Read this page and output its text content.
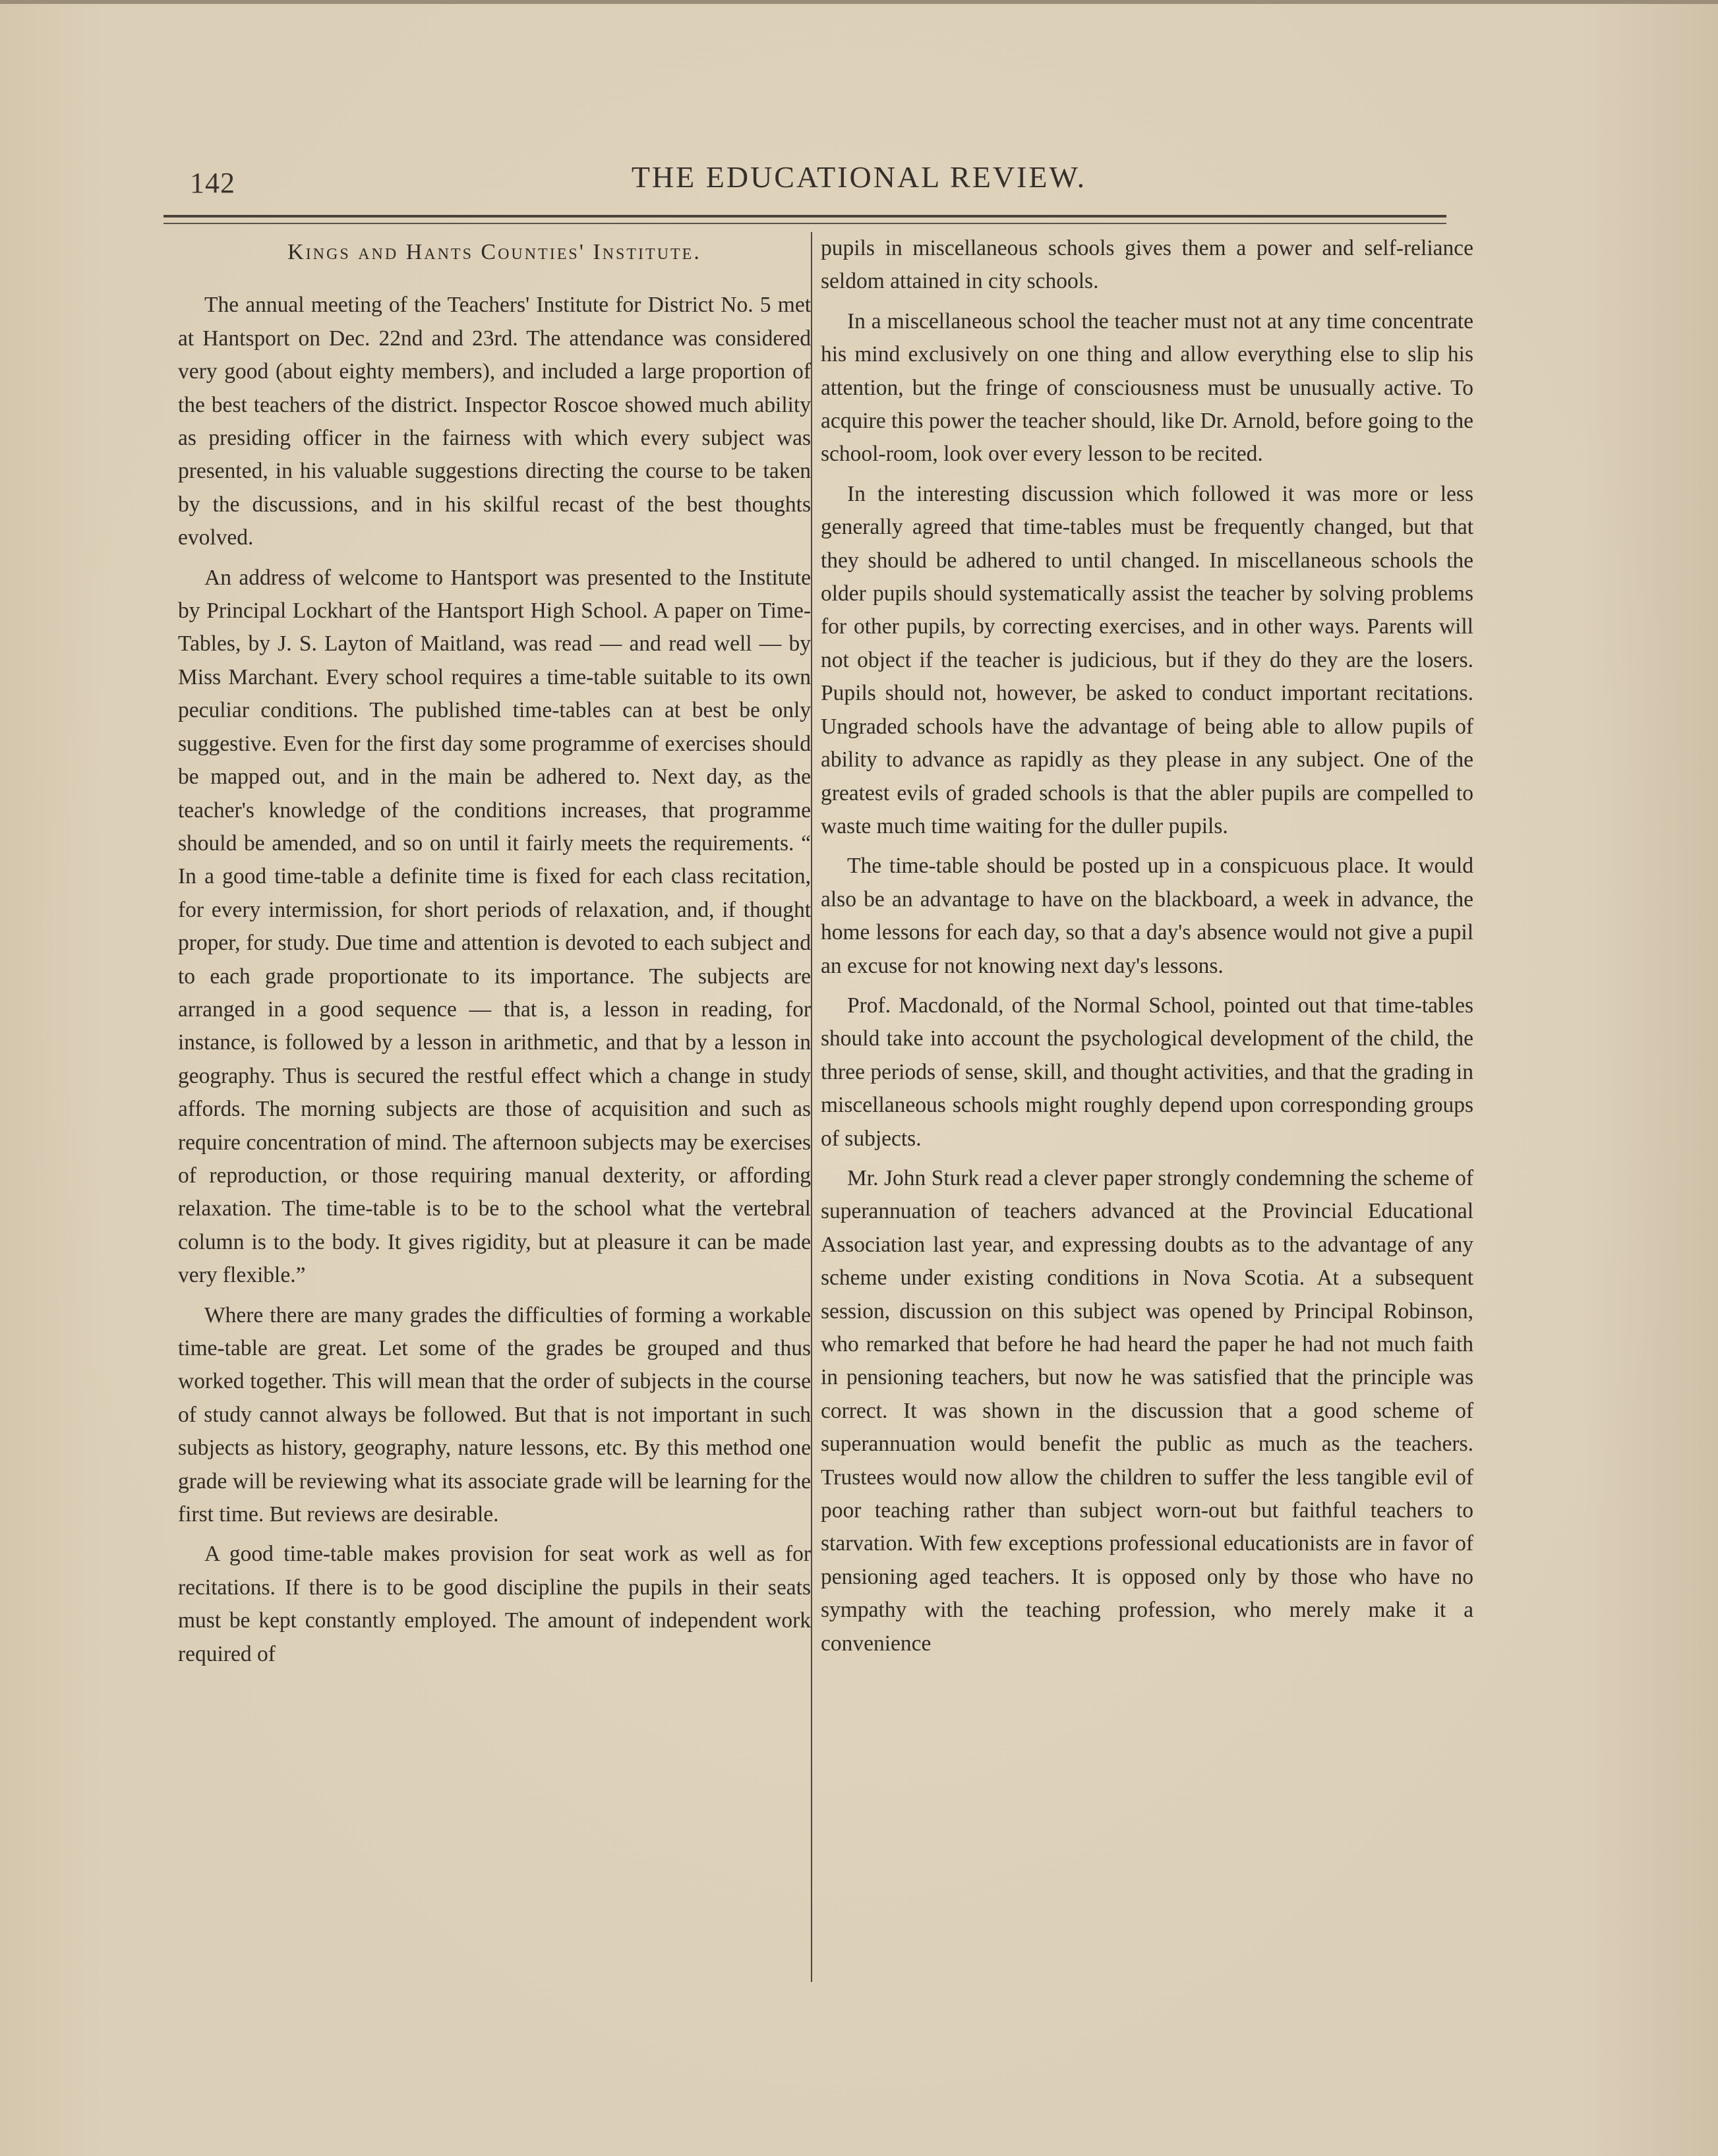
142	THE EDUCATIONAL REVIEW.
Kings and Hants Counties' Institute.

The annual meeting of the Teachers' Institute for District No. 5 met at Hantsport on Dec. 22nd and 23rd. The attendance was considered very good (about eighty members), and included a large proportion of the best teachers of the district. Inspector Roscoe showed much ability as presiding officer in the fairness with which every subject was presented, in his valuable suggestions directing the course to be taken by the discussions, and in his skilful recast of the best thoughts evolved.

An address of welcome to Hantsport was presented to the Institute by Principal Lockhart of the Hantsport High School. A paper on Time-Tables, by J. S. Layton of Maitland, was read — and read well — by Miss Marchant. Every school requires a time-table suitable to its own peculiar conditions. The published time-tables can at best be only suggestive. Even for the first day some programme of exercises should be mapped out, and in the main be adhered to. Next day, as the teacher's knowledge of the conditions increases, that programme should be amended, and so on until it fairly meets the requirements. “ In a good time-table a definite time is fixed for each class recitation, for every intermission, for short periods of relaxation, and, if thought proper, for study. Due time and attention is devoted to each subject and to each grade proportionate to its importance. The subjects are arranged in a good sequence — that is, a lesson in reading, for instance, is followed by a lesson in arithmetic, and that by a lesson in geography. Thus is secured the restful effect which a change in study affords. The morning subjects are those of acquisition and such as require concentration of mind. The afternoon subjects may be exercises of reproduction, or those requiring manual dexterity, or affording relaxation. The time-table is to be to the school what the vertebral column is to the body. It gives rigidity, but at pleasure it can be made very flexible.”

Where there are many grades the difficulties of forming a workable time-table are great. Let some of the grades be grouped and thus worked together. This will mean that the order of subjects in the course of study cannot always be followed. But that is not important in such subjects as history, geography, nature lessons, etc. By this method one grade will be reviewing what its associate grade will be learning for the first time. But reviews are desirable.

A good time-table makes provision for seat work as well as for recitations. If there is to be good discipline the pupils in their seats must be kept constantly employed. The amount of independent work required of

pupils in miscellaneous schools gives them a power and self-reliance seldom attained in city schools.

In a miscellaneous school the teacher must not at any time concentrate his mind exclusively on one thing and allow everything else to slip his attention, but the fringe of consciousness must be unusually active. To acquire this power the teacher should, like Dr. Arnold, before going to the school-room, look over every lesson to be recited.

In the interesting discussion which followed it was more or less generally agreed that time-tables must be frequently changed, but that they should be adhered to until changed. In miscellaneous schools the older pupils should systematically assist the teacher by solving problems for other pupils, by correcting exercises, and in other ways. Parents will not object if the teacher is judicious, but if they do they are the losers. Pupils should not, however, be asked to conduct important recitations. Ungraded schools have the advantage of being able to allow pupils of ability to advance as rapidly as they please in any subject. One of the greatest evils of graded schools is that the abler pupils are compelled to waste much time waiting for the duller pupils.

The time-table should be posted up in a conspicuous place. It would also be an advantage to have on the blackboard, a week in advance, the home lessons for each day, so that a day's absence would not give a pupil an excuse for not knowing next day's lessons.

Prof. Macdonald, of the Normal School, pointed out that time-tables should take into account the psychological development of the child, the three periods of sense, skill, and thought activities, and that the grading in miscellaneous schools might roughly depend upon corresponding groups of subjects.

Mr. John Sturk read a clever paper strongly condemning the scheme of superannuation of teachers advanced at the Provincial Educational Association last year, and expressing doubts as to the advantage of any scheme under existing conditions in Nova Scotia. At a subsequent session, discussion on this subject was opened by Principal Robinson, who remarked that before he had heard the paper he had not much faith in pensioning teachers, but now he was satisfied that the principle was correct. It was shown in the discussion that a good scheme of superannuation would benefit the public as much as the teachers. Trustees would now allow the children to suffer the less tangible evil of poor teaching rather than subject worn-out but faithful teachers to starvation. With few exceptions professional educationists are in favor of pensioning aged teachers. It is opposed only by those who have no sympathy with the teaching profession, who merely make it a convenience
